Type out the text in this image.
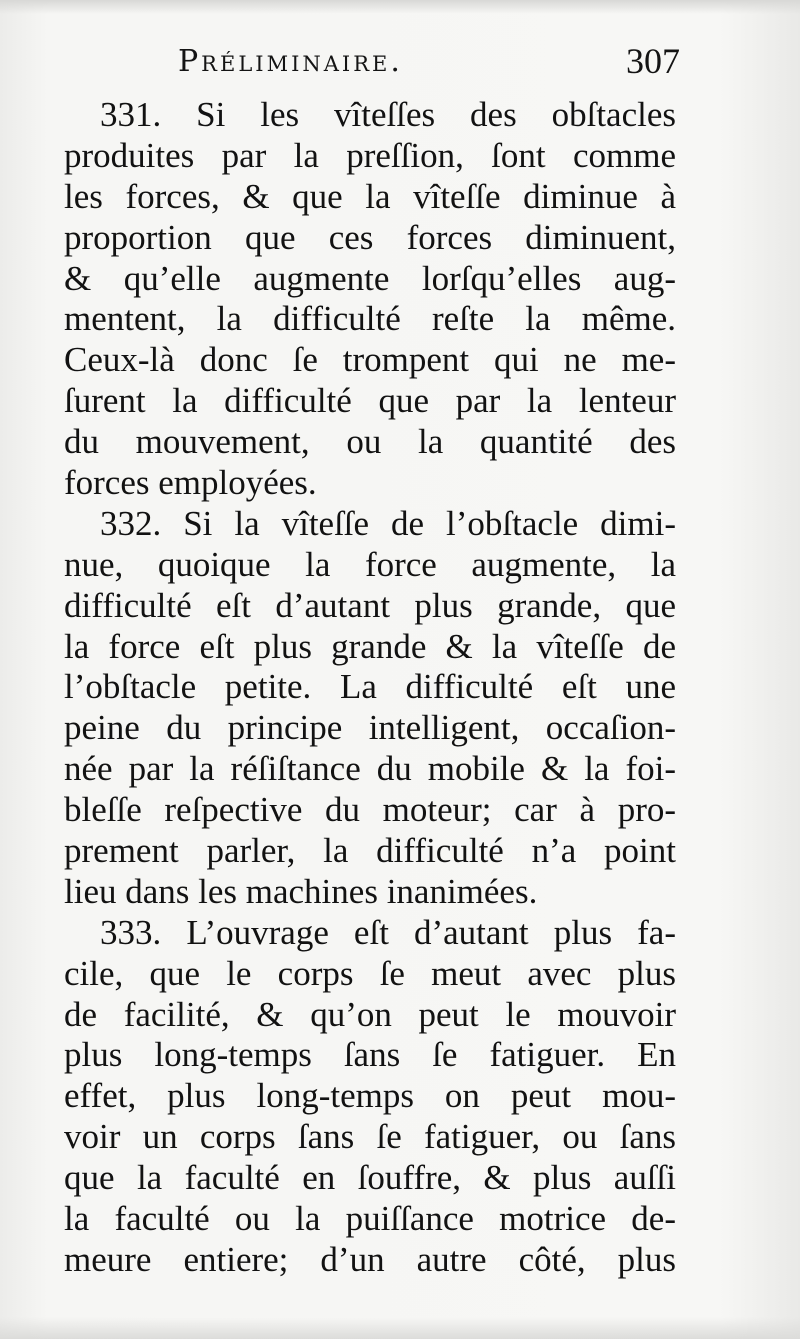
Préliminaire.	307
331. Si les vîteſſes des obſtacles
produites par la preſſion, ſont comme
les forces, & que la vîteſſe diminue à
proportion que ces forces diminuent,
& qu’elle augmente lorſqu’elles aug-
mentent, la difficulté reſte la même.
Ceux-là donc ſe trompent qui ne me-
ſurent la difficulté que par la lenteur
du mouvement, ou la quantité des
forces employées.
332. Si la vîteſſe de l’obſtacle dimi-
nue, quoique la force augmente, la
difficulté eſt d’autant plus grande, que
la force eſt plus grande & la vîteſſe de
l’obſtacle petite. La difficulté eſt une
peine du principe intelligent, occaſion-
née par la réſiſtance du mobile & la foi-
bleſſe reſpective du moteur; car à pro-
prement parler, la difficulté n’a point
lieu dans les machines inanimées.
333. L’ouvrage eſt d’autant plus fa-
cile, que le corps ſe meut avec plus
de facilité, & qu’on peut le mouvoir
plus long-temps ſans ſe fatiguer. En
effet, plus long-temps on peut mou-
voir un corps ſans ſe fatiguer, ou ſans
que la faculté en ſouffre, & plus auſſi
la faculté ou la puiſſance motrice de-
meure entiere; d’un autre côté, plus
